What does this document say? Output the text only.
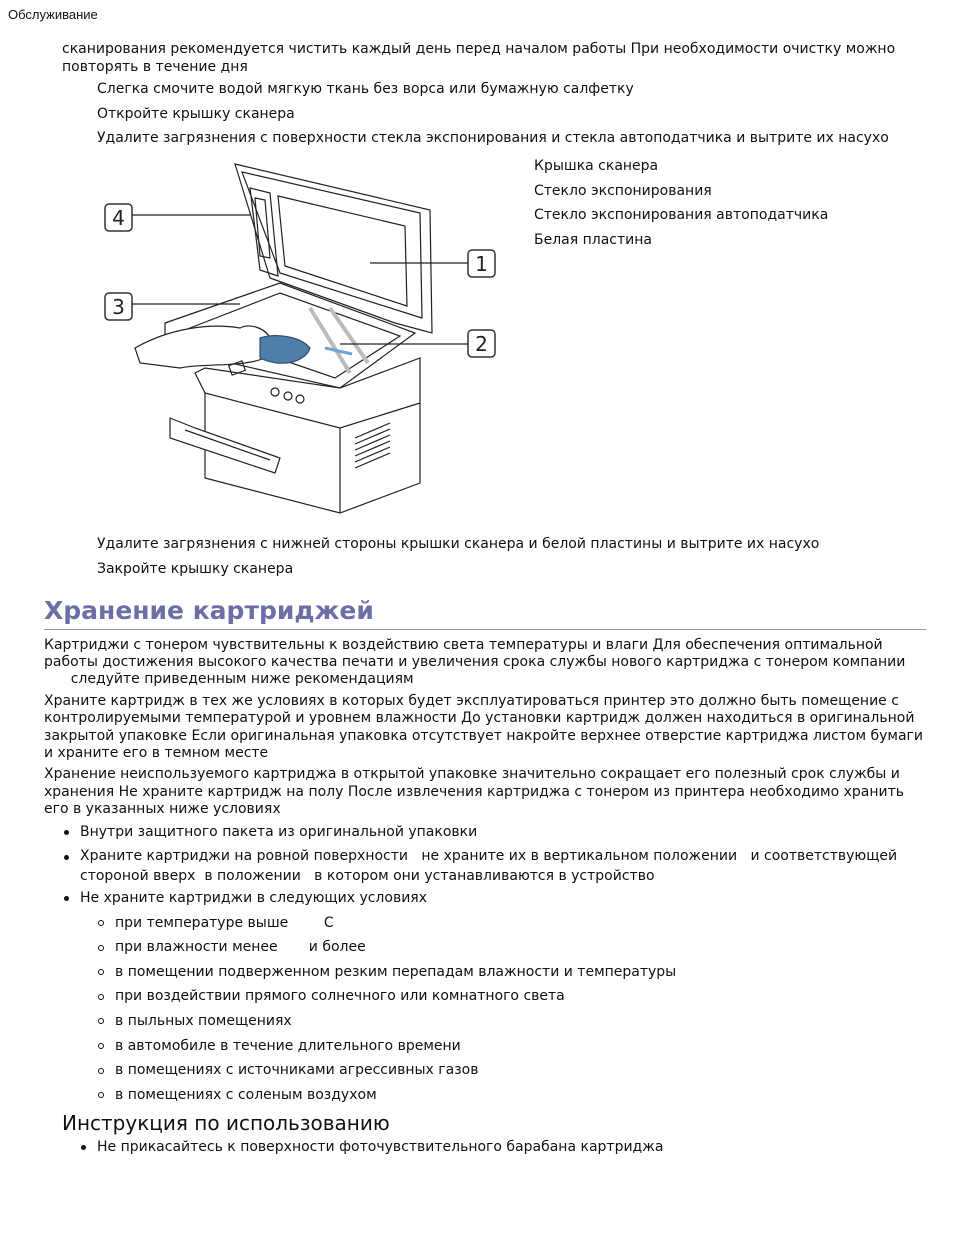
Обслуживание
сканирования рекомендуется чистить каждый день перед началом работы При необходимости очистку можно
повторять в течение дня
Слегка смочите водой мягкую ткань без ворса или бумажную салфетку
Откройте крышку сканера
Удалите загрязнения с поверхности стекла экспонирования и стекла автоподатчика и вытрите их насухо
4
3
1
2
Крышка сканера
Стекло экспонирования
Стекло экспонирования автоподатчика
Белая пластина
Удалите загрязнения с нижней стороны крышки сканера и белой пластины и вытрите их насухо
Закройте крышку сканера
Хранение картриджей
Картриджи с тонером чувствительны к воздействию света температуры и влаги Для обеспечения оптимальной
работы достижения высокого качества печати и увеличения срока службы нового картриджа с тонером компании
следуйте приведенным ниже рекомендациям
Храните картридж в тех же условиях в которых будет эксплуатироваться принтер это должно быть помещение с
контролируемыми температурой и уровнем влажности До установки картридж должен находиться в оригинальной
закрытой упаковке Если оригинальная упаковка отсутствует накройте верхнее отверстие картриджа листом бумаги
и храните его в темном месте
Хранение неиспользуемого картриджа в открытой упаковке значительно сокращает его полезный срок службы и
хранения Не храните картридж на полу После извлечения картриджа с тонером из принтера необходимо хранить
его в указанных ниже условиях
Внутри защитного пакета из оригинальной упаковки
Храните картриджи на ровной поверхности   не храните их в вертикальном положении   и соответствующей
стороной вверх  в положении   в котором они устанавливаются в устройство
Не храните картриджи в следующих условиях
при температуре выше        С
при влажности менее       и более
в помещении подверженном резким перепадам влажности и температуры
при воздействии прямого солнечного или комнатного света
в пыльных помещениях
в автомобиле в течение длительного времени
в помещениях с источниками агрессивных газов
в помещениях с соленым воздухом
Инструкция по использованию
Не прикасайтесь к поверхности фоточувствительного барабана картриджа
